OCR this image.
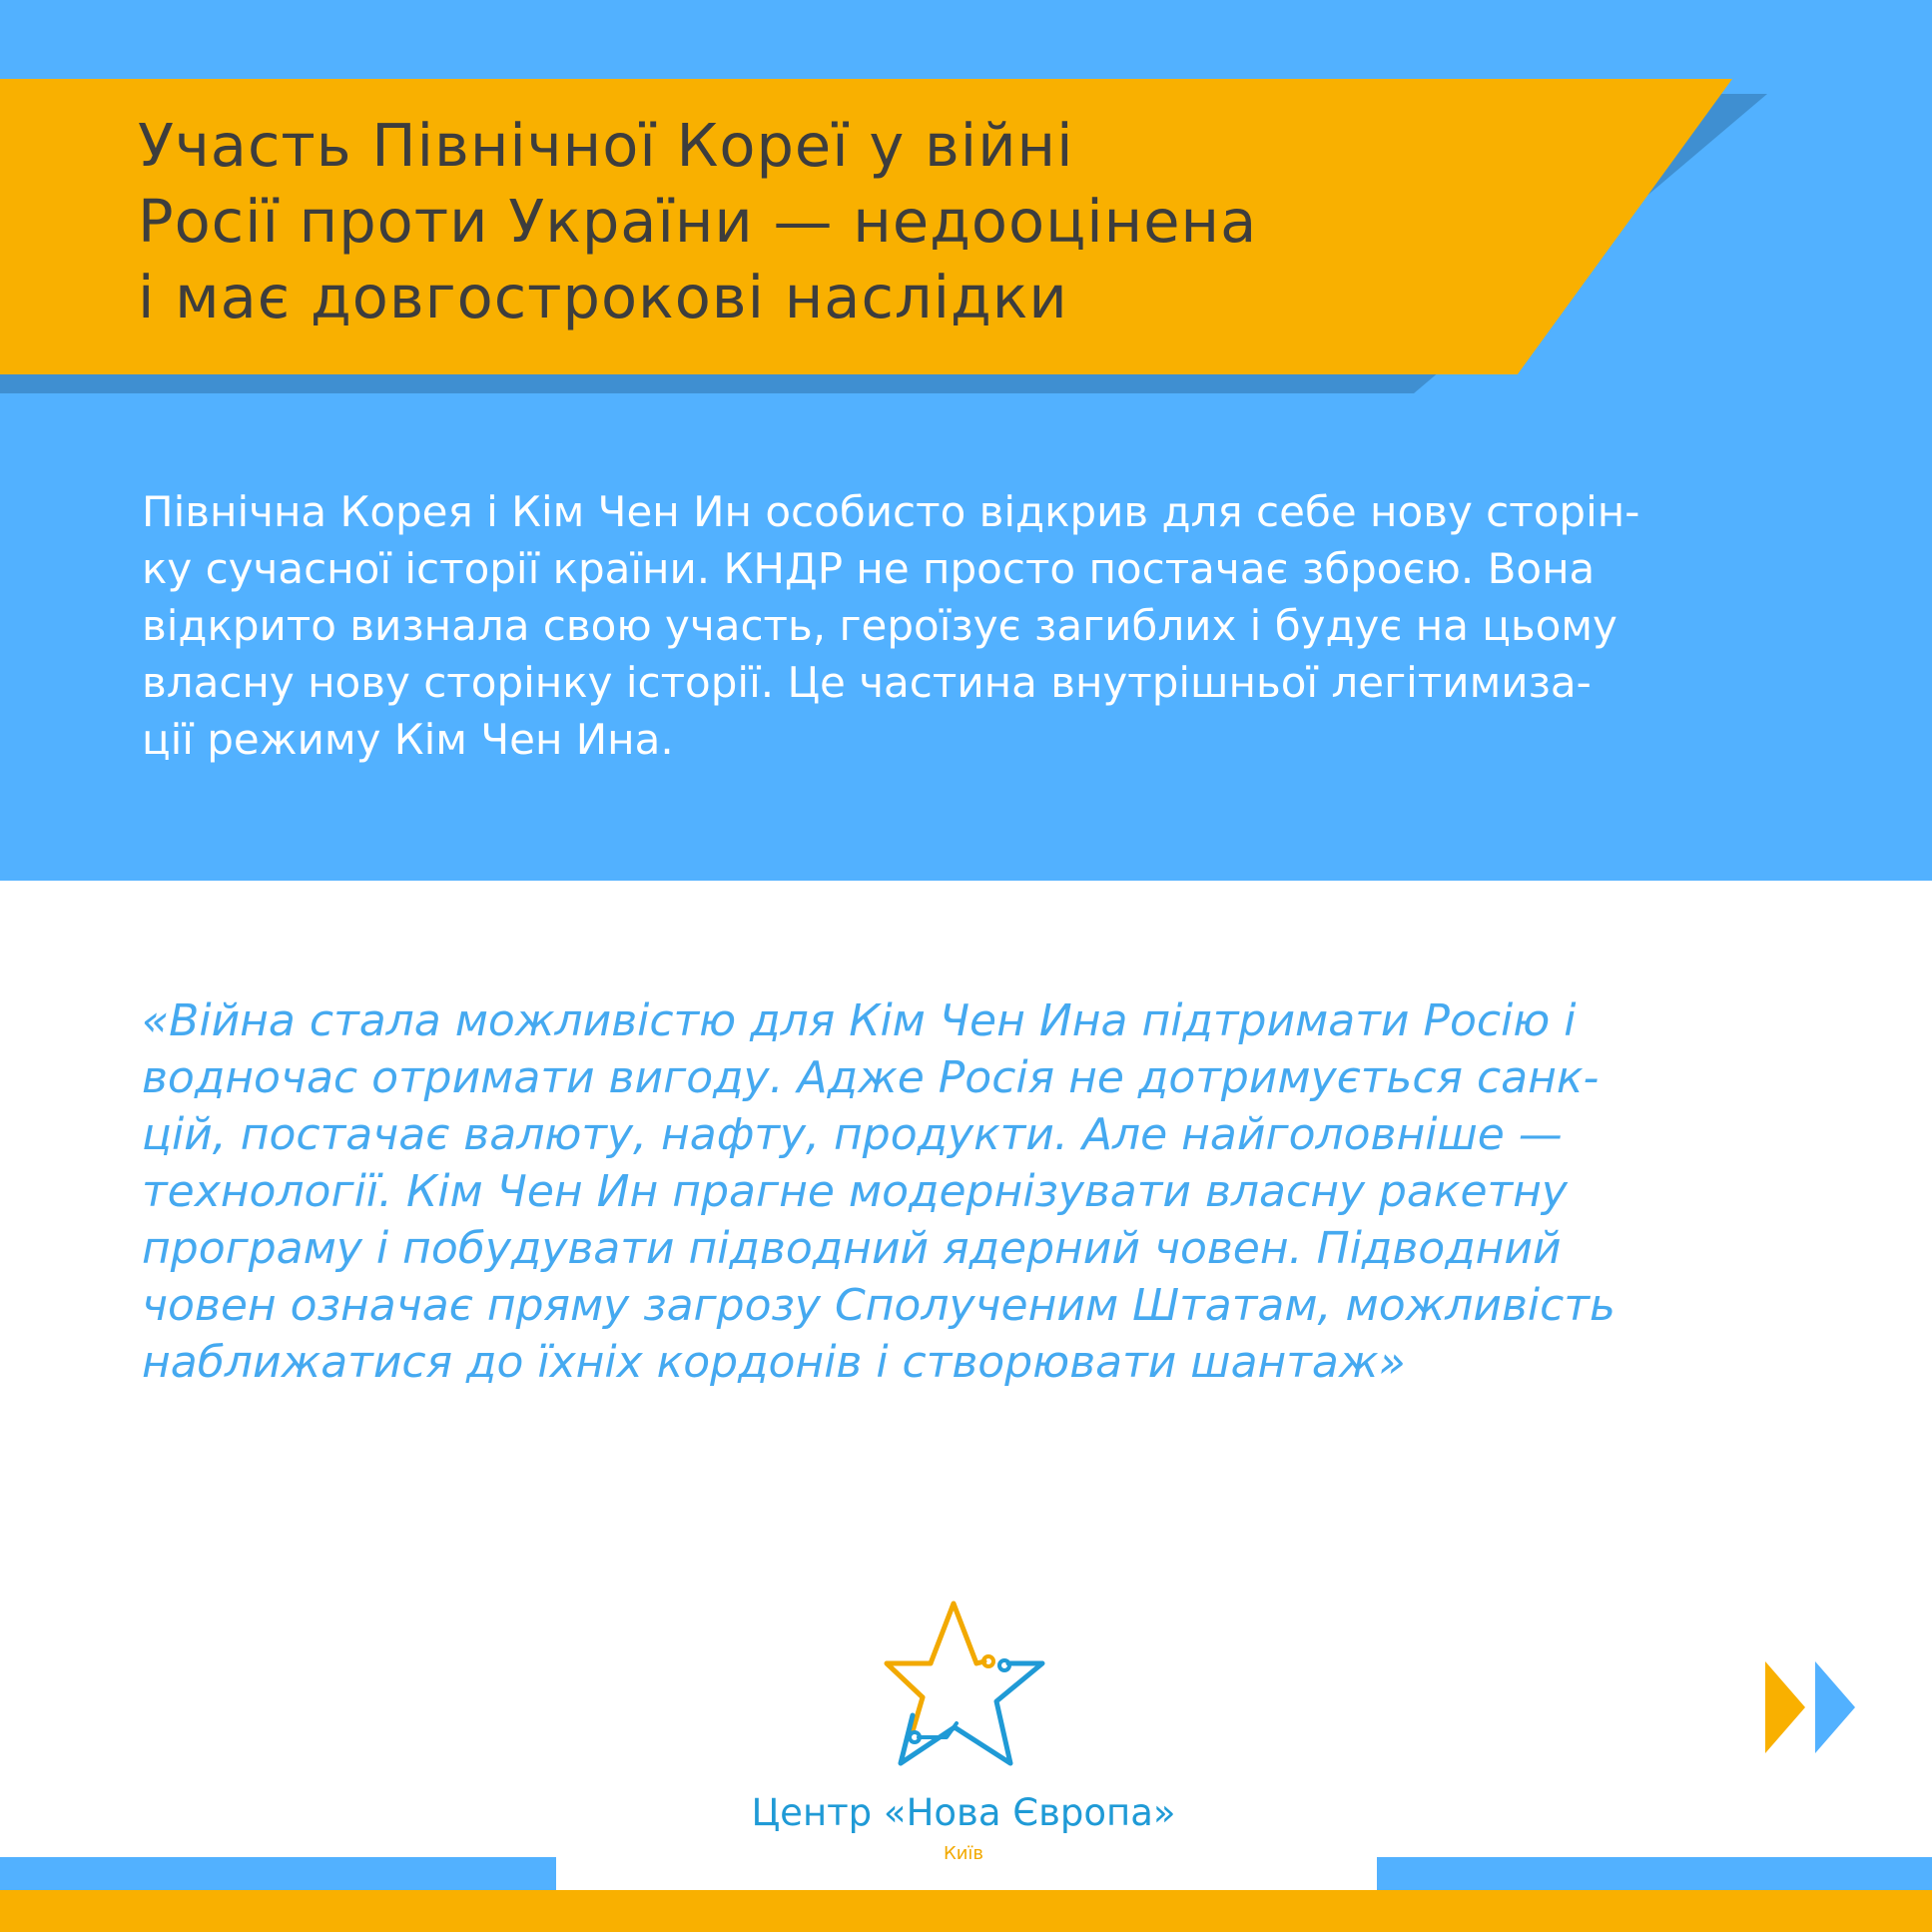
Участь Північної Кореї у війні
Росії проти України — недооцінена
і має довгострокові наслідки

Північна Корея і Кім Чен Ин особисто відкрив для себе нову сторін-
ку сучасної історії країни. КНДР не просто постачає зброєю. Вона
відкрито визнала свою участь, героїзує загиблих і будує на цьому
власну нову сторінку історії. Це частина внутрішньої легітимиза-
ції режиму Кім Чен Ина.

«Війна стала можливістю для Кім Чен Ина підтримати Росію і
водночас отримати вигоду. Адже Росія не дотримується санк-
цій, постачає валюту, нафту, продукти. Але найголовніше —
технології. Кім Чен Ин прагне модернізувати власну ракетну
програму і побудувати підводний ядерний човен. Підводний
човен означає пряму загрозу Сполученим Штатам, можливість
наближатися до їхніх кордонів і створювати шантаж»

Центр «Нова Європа»
Київ
